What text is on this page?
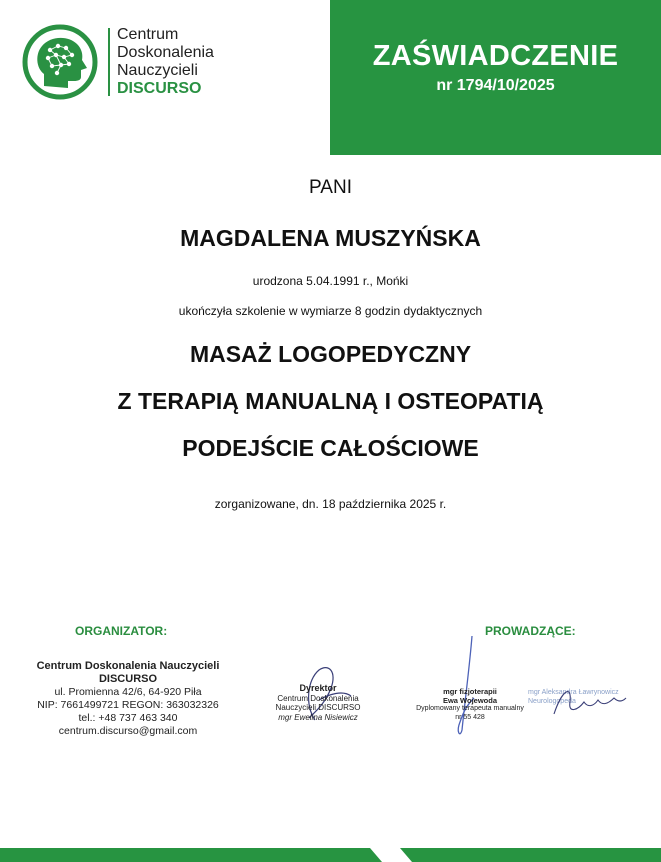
Centrum
Doskonalenia
Nauczycieli
DISCURSO
ZAŚWIADCZENIE
nr 1794/10/2025
PANI
MAGDALENA MUSZYŃSKA
urodzona 5.04.1991 r., Mońki
ukończyła szkolenie w wymiarze 8 godzin dydaktycznych
MASAŻ LOGOPEDYCZNY
Z TERAPIĄ MANUALNĄ I OSTEOPATIĄ
PODEJŚCIE CAŁOŚCIOWE
zorganizowane, dn. 18 października 2025 r.
ORGANIZATOR:	PROWADZĄCE:
Centrum Doskonalenia Nauczycieli
DISCURSO
ul. Promienna 42/6, 64-920 Piła
NIP: 7661499721 REGON: 363032326
tel.: +48 737 463 340
centrum.discurso@gmail.com
Dyrektor
Centrum Doskonalenia
Nauczycieli DISCURSO
mgr Ewelina Nisiewicz
mgr fizjoterapii
Ewa Wojewoda
Dyplomowany terapeuta manualny
nr 55 428
mgr Aleksandra Ławrynowicz
Neurologopeda
